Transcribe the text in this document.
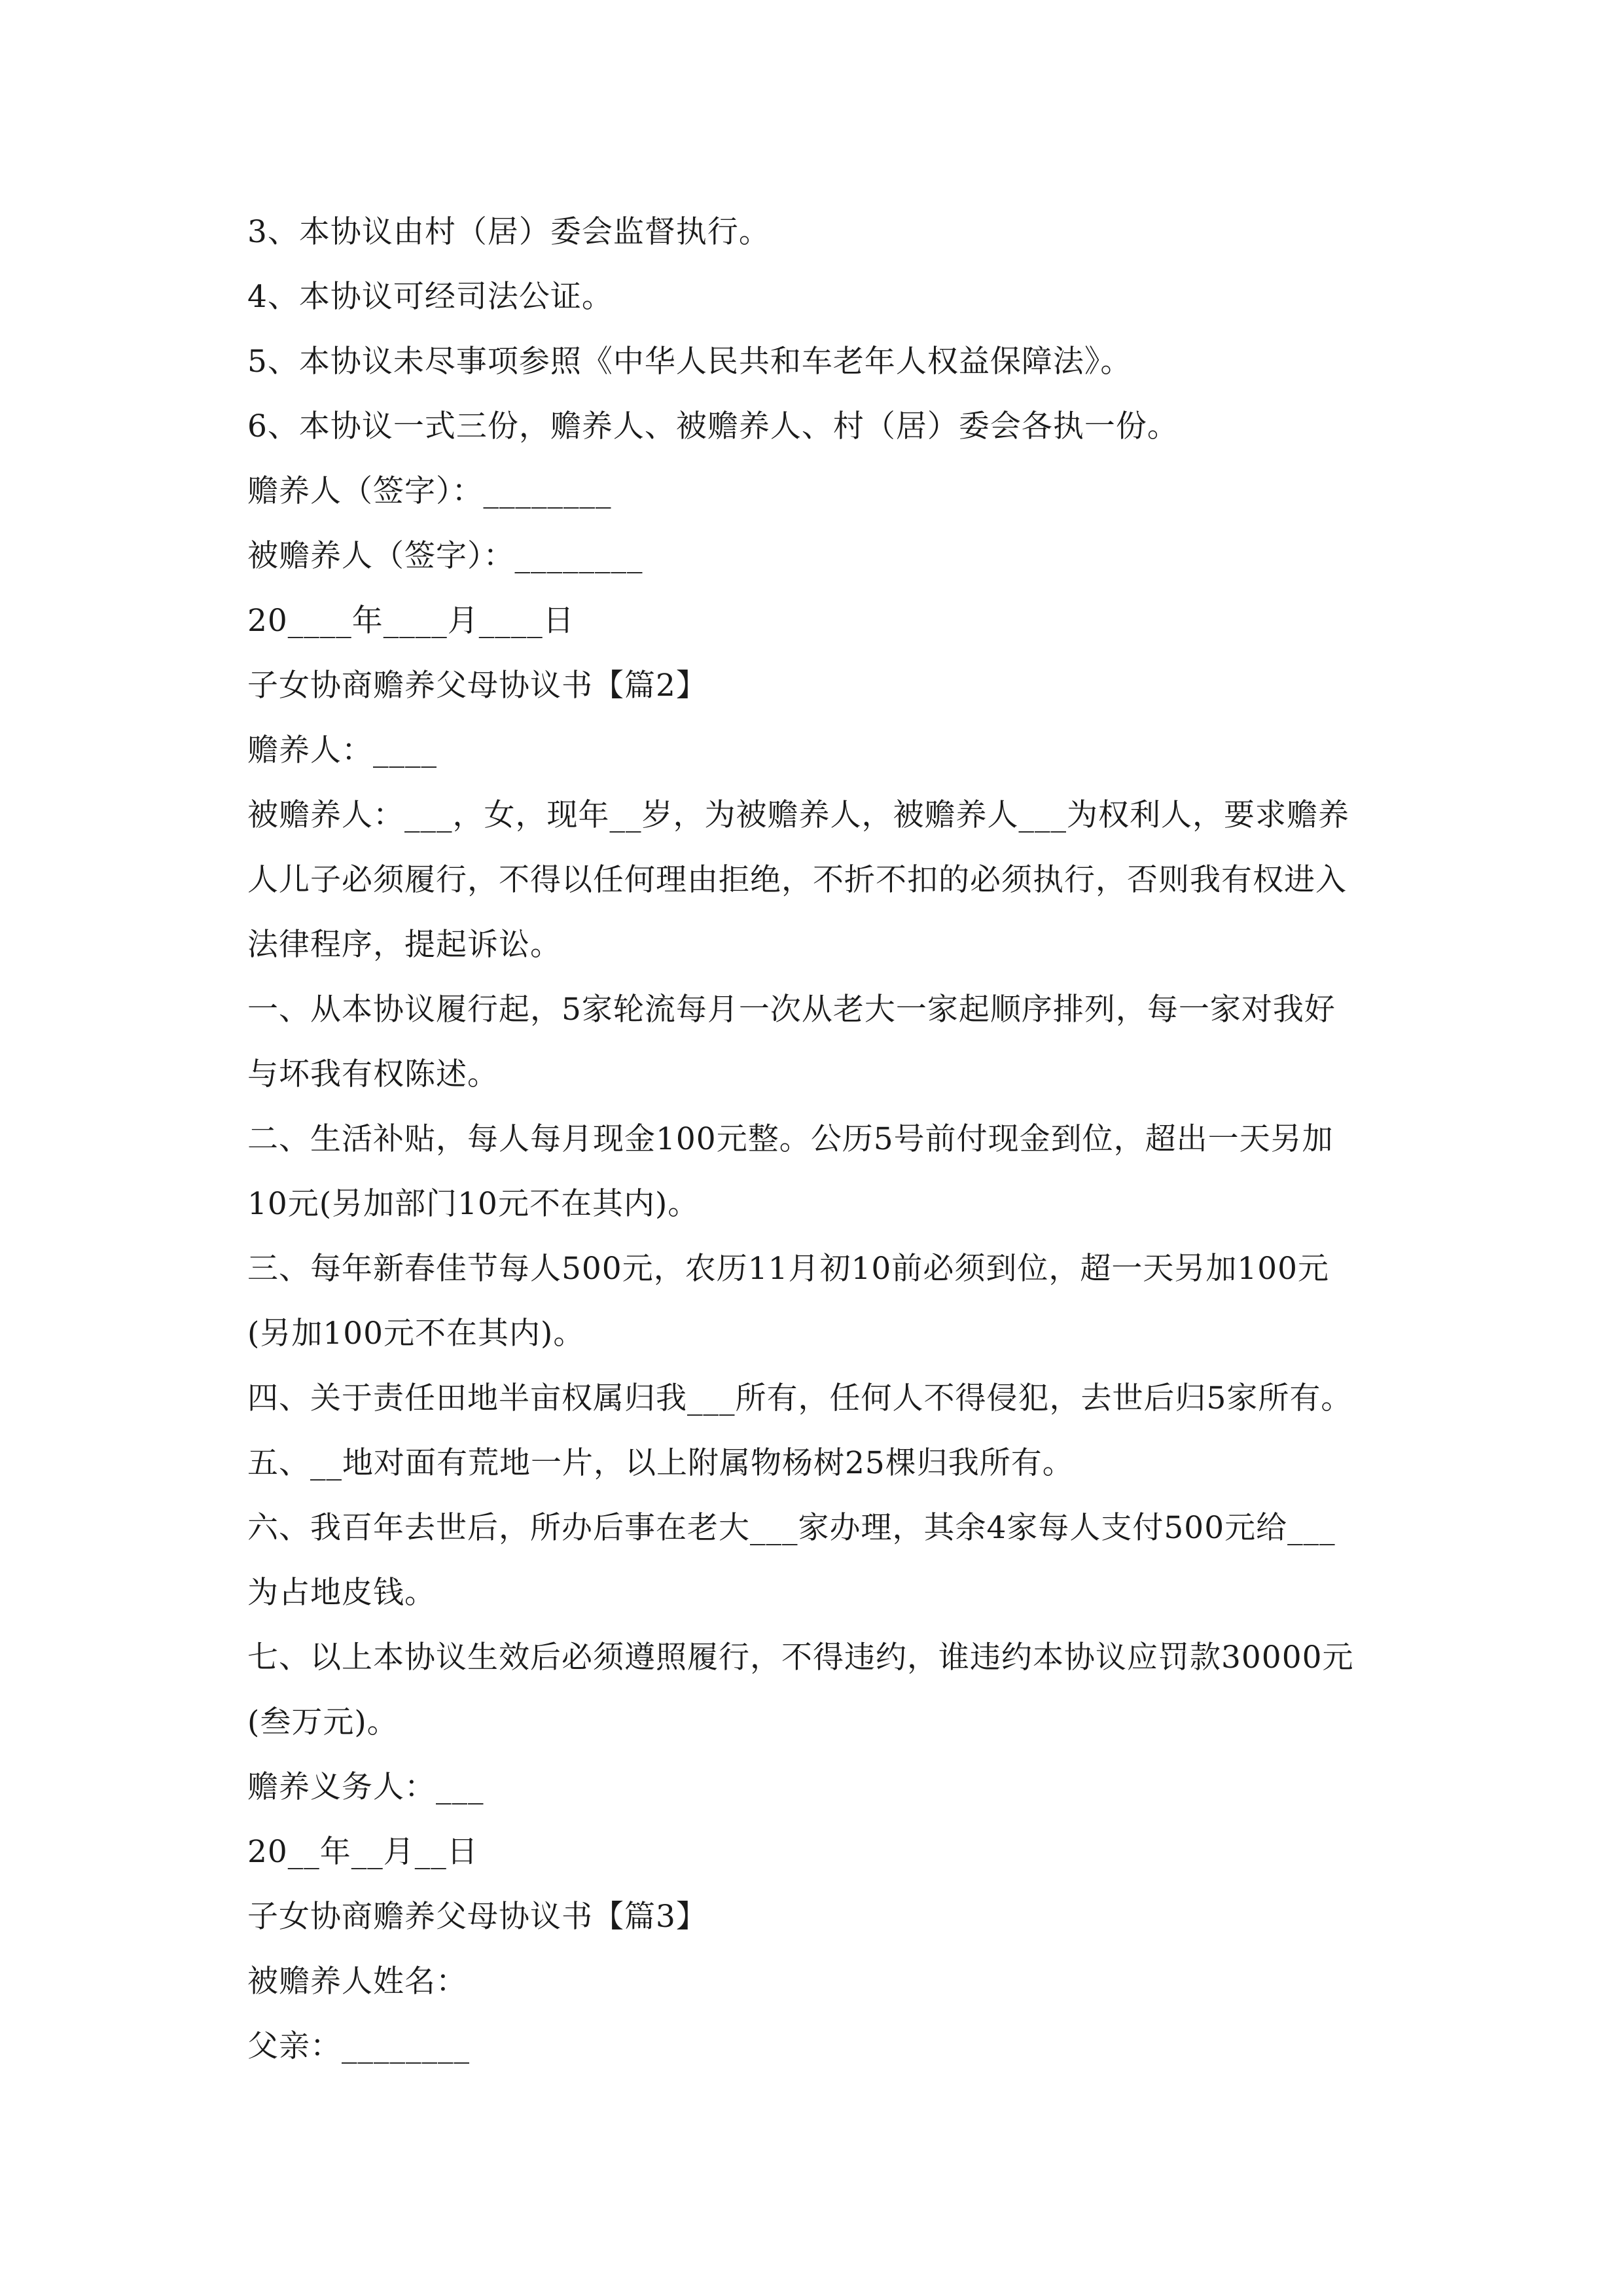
3、本协议由村（居）委会监督执行。
4、本协议可经司法公证。
5、本协议未尽事项参照《中华人民共和车老年人权益保障法》。
6、本协议一式三份，赡养人、被赡养人、村（居）委会各执一份。
赡养人（签字）：________
被赡养人（签字）：________
20____年____月____日
子女协商赡养父母协议书【篇2】
赡养人：____
被赡养人：___，女，现年__岁，为被赡养人，被赡养人___为权利人，要求赡养
人儿子必须履行，不得以任何理由拒绝，不折不扣的必须执行，否则我有权进入
法律程序，提起诉讼。
一、从本协议履行起，5家轮流每月一次从老大一家起顺序排列，每一家对我好
与坏我有权陈述。
二、生活补贴，每人每月现金100元整。公历5号前付现金到位，超出一天另加
10元(另加部门10元不在其内)。
三、每年新春佳节每人500元，农历11月初10前必须到位，超一天另加100元
(另加100元不在其内)。
四、关于责任田地半亩权属归我___所有，任何人不得侵犯，去世后归5家所有。
五、__地对面有荒地一片，以上附属物杨树25棵归我所有。
六、我百年去世后，所办后事在老大___家办理，其余4家每人支付500元给___
为占地皮钱。
七、以上本协议生效后必须遵照履行，不得违约，谁违约本协议应罚款30000元
(叁万元)。
赡养义务人：___
20__年__月__日
子女协商赡养父母协议书【篇3】
被赡养人姓名：
父亲：________
